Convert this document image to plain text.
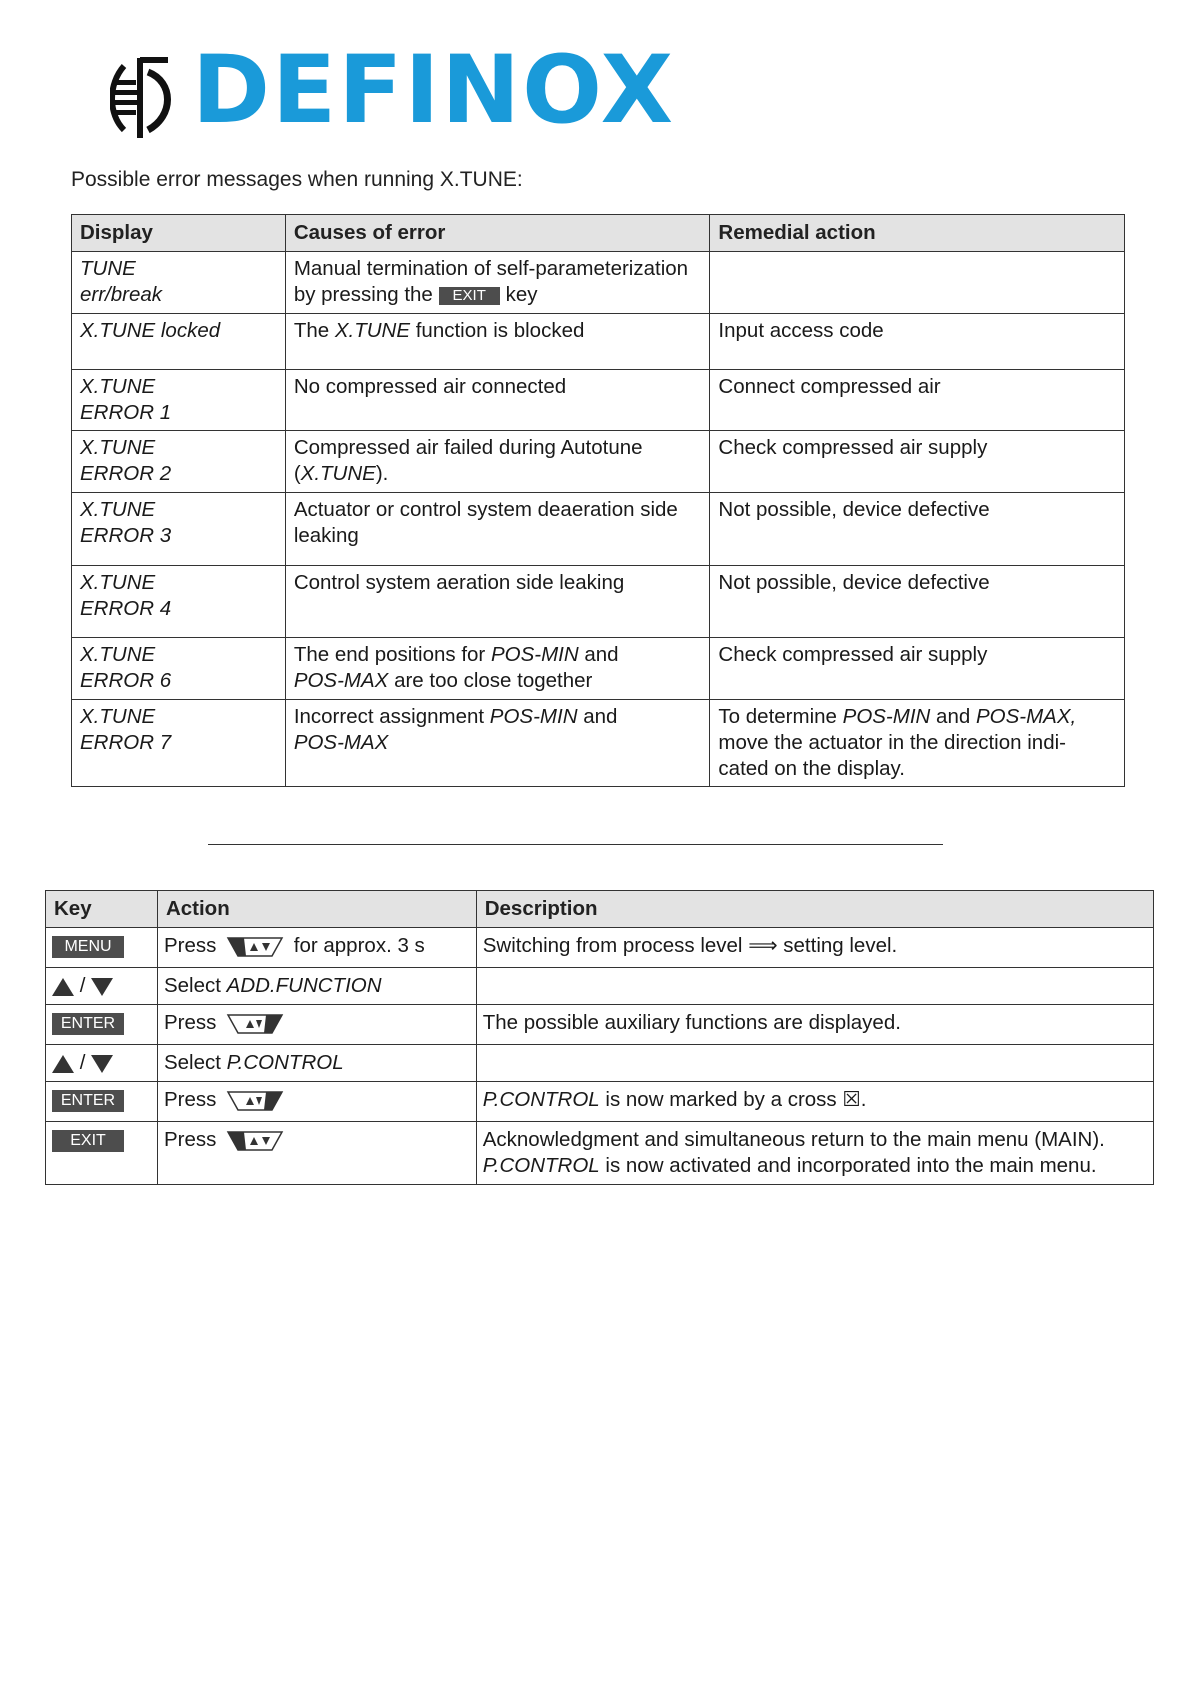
DEFINOX
Possible error messages when running X.TUNE:
Display	Causes of error	Remedial action
TUNE
err/break	Manual termination of self-parameterization
by pressing the EXIT key	
X.TUNE locked	The X.TUNE function is blocked	Input access code
X.TUNE
ERROR 1	No compressed air connected	Connect compressed air
X.TUNE
ERROR 2	Compressed air failed during Autotune
(X.TUNE).	Check compressed air supply
X.TUNE
ERROR 3	Actuator or control system deaeration side leaking	Not possible, device defective
X.TUNE
ERROR 4	Control system aeration side leaking	Not possible, device defective
X.TUNE
ERROR 6	The end positions for POS-MIN and
POS-MAX are too close together	Check compressed air supply
X.TUNE
ERROR 7	Incorrect assignment POS-MIN and
POS-MAX	To determine POS-MIN and POS-MAX,
move the actuator in the direction indi-
cated on the display.
Key	Action	Description
MENU	Press for approx. 3 s	Switching from process level ⟹ setting level.
/	Select ADD.FUNCTION	
ENTER	Press	The possible auxiliary functions are displayed.
/	Select P.CONTROL	
ENTER	Press	P.CONTROL is now marked by a cross ☒.
EXIT	Press	Acknowledgment and simultaneous return to the main menu (MAIN).
P.CONTROL is now activated and incorporated into the main menu.
